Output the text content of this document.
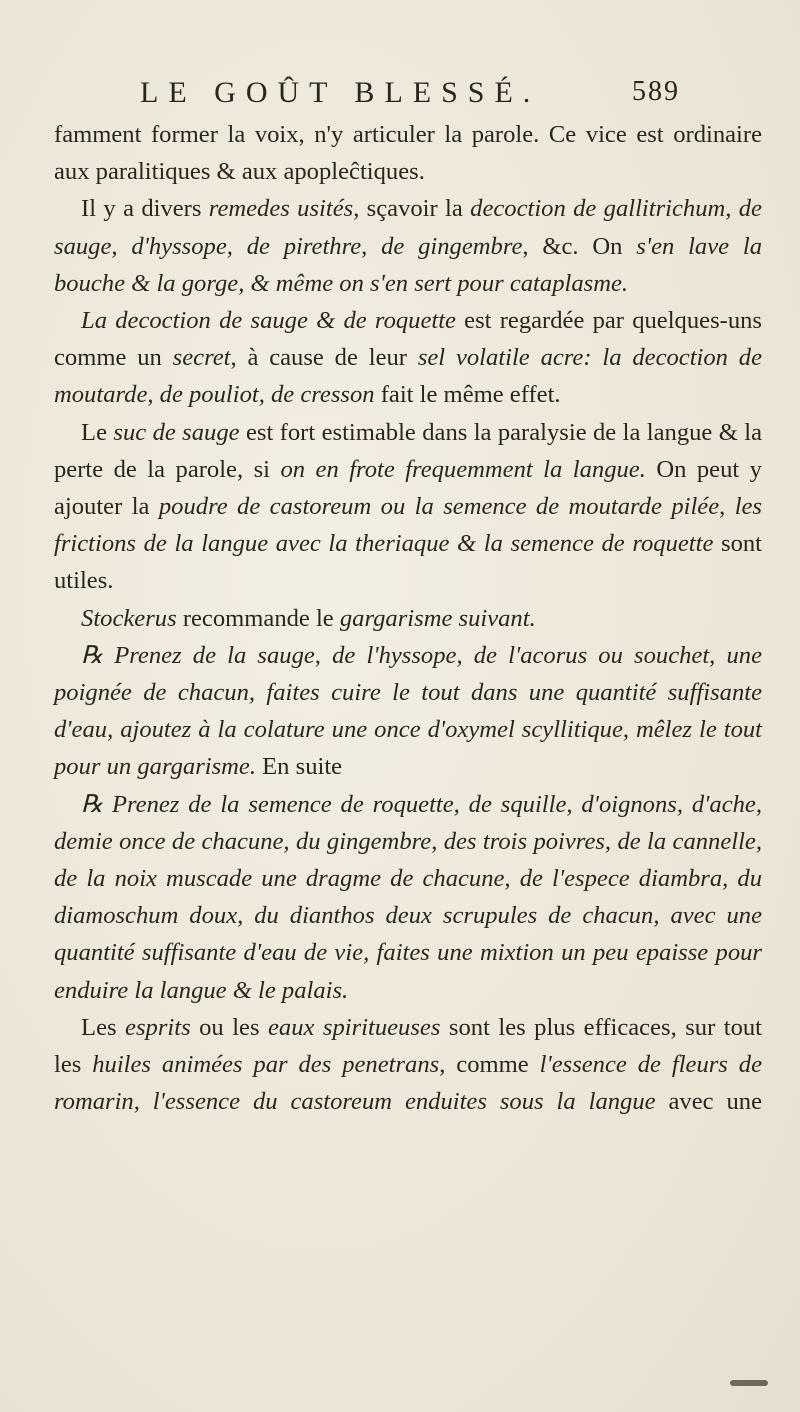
LE GOÛT BLESSÉ.	589

famment former la voix, n'y articuler la parole. Ce vice est ordinaire aux paralitiques & aux apopleĉtiques.

Il y a divers remedes usités, sçavoir la decoction de gallitrichum, de sauge, d'hyssope, de pirethre, de gingembre, &c. On s'en lave la bouche & la gorge, & même on s'en sert pour cataplasme.

La decoction de sauge & de roquette est regardée par quelques-uns comme un secret, à cause de leur sel volatile acre: la decoction de moutarde, de pouliot, de cresson fait le même effet.

Le suc de sauge est fort estimable dans la paralysie de la langue & la perte de la parole, si on en frote frequemment la langue. On peut y ajouter la poudre de castoreum ou la semence de moutarde pilée, les frictions de la langue avec la theriaque & la semence de roquette sont utiles.

Stockerus recommande le gargarisme suivant.

℞ Prenez de la sauge, de l'hyssope, de l'acorus ou souchet, une poignée de chacun, faites cuire le tout dans une quantité suffisante d'eau, ajoutez à la colature une once d'oxymel scyllitique, mêlez le tout pour un gargarisme. En suite

℞ Prenez de la semence de roquette, de squille, d'oignons, d'ache, demie once de chacune, du gingembre, des trois poivres, de la cannelle, de la noix muscade une dragme de chacune, de l'espece diambra, du diamoschum doux, du dianthos deux scrupules de chacun, avec une quantité suffisante d'eau de vie, faites une mixtion un peu epaisse pour enduire la langue & le palais.

Les esprits ou les eaux spiritueuses sont les plus efficaces, sur tout les huiles animées par des penetrans, comme l'essence de fleurs de romarin, l'essence du castoreum enduites sous la langue avec une
